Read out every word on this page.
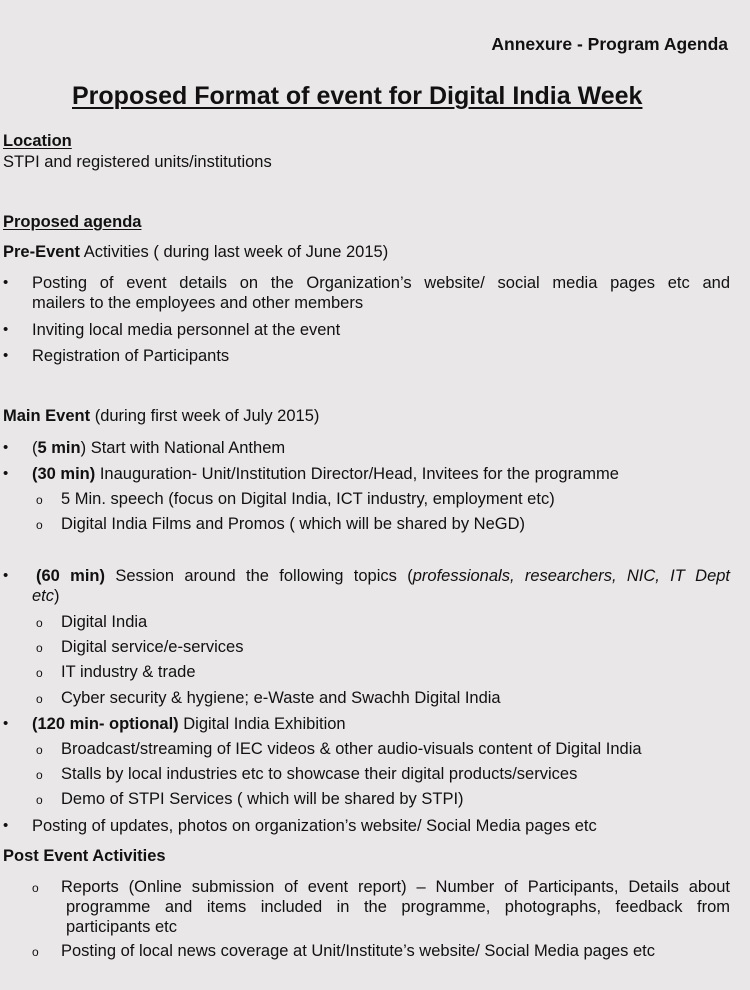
Annexure - Program Agenda
Proposed Format of event for Digital India Week
Location
STPI and registered units/institutions
Proposed agenda
Pre-Event Activities ( during last week of June 2015)
•	Posting of event details on the Organization’s website/ social media pages etc and
mailers to the employees and other members
•	Inviting local media personnel at the event
•	Registration of Participants
Main Event (during first week of July 2015)
•	(5 min) Start with National Anthem
•	(30 min) Inauguration- Unit/Institution Director/Head, Invitees for the programme
o 5 Min. speech (focus on Digital India, ICT industry, employment etc)
o Digital India Films and Promos ( which will be shared by NeGD)
•	(60 min) Session around the following topics (professionals, researchers, NIC, IT Dept
etc)
o Digital India
o Digital service/e-services
o IT industry & trade
o Cyber security & hygiene; e-Waste and Swachh Digital India
•	(120 min- optional) Digital India Exhibition
o Broadcast/streaming of IEC videos & other audio-visuals content of Digital India
o Stalls by local industries etc to showcase their digital products/services
o Demo of STPI Services ( which will be shared by STPI)
•	Posting of updates, photos on organization’s website/ Social Media pages etc
Post Event Activities
o Reports (Online submission of event report) – Number of Participants, Details about
programme and items included in the programme, photographs, feedback from
participants etc
o Posting of local news coverage at Unit/Institute’s website/ Social Media pages etc
